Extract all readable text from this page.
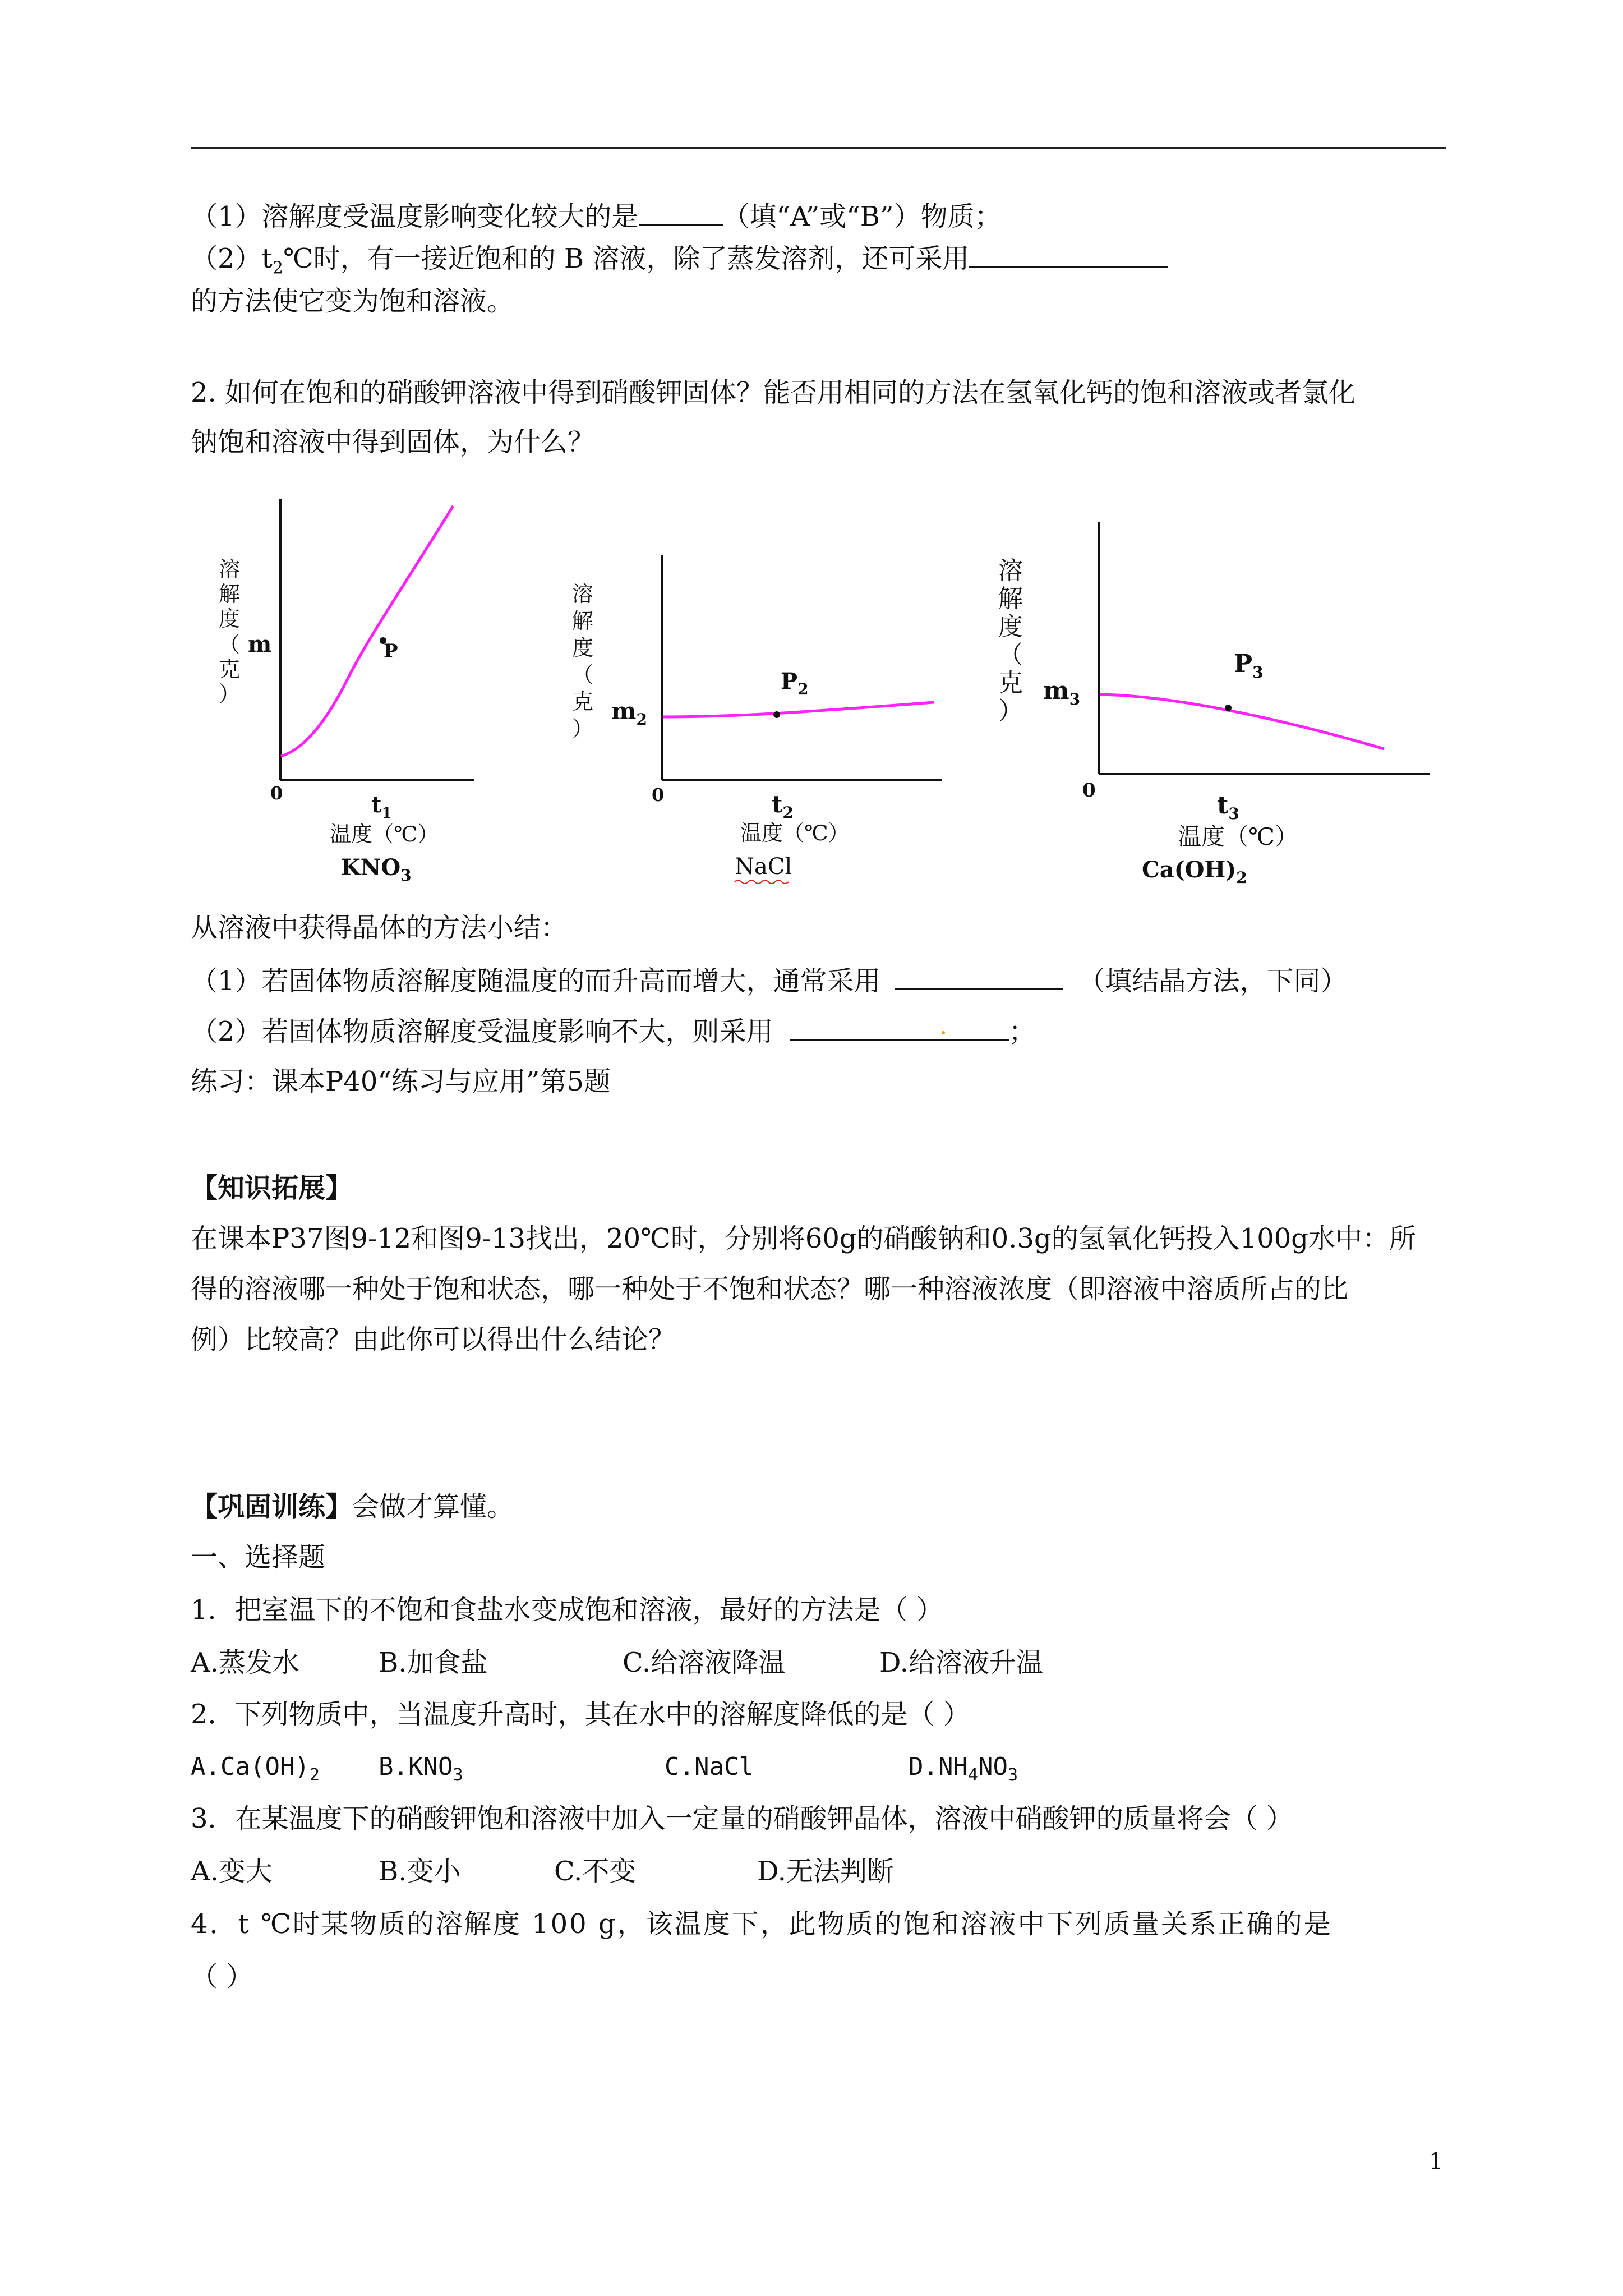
（1）溶解度受温度影响变化较大的是	（填“A”或“B”）物质；
$(2)t_2℃$时，有一接近饱和的 B 溶液，除了蒸发溶剂，还可采用
的方法使它变为饱和溶液。
2. 如何在饱和的硝酸钾溶液中得到硝酸钾固体？能否用相同的方法在氢氧化钙的饱和溶液或者氯化
钠饱和溶液中得到固体，为什么？
溶
解
度
（
克
）
m	P
0	$t_1$
温度（℃）
$KNO_3$
溶
解
度
（
克
）
$m_2$
$P_2$
0	$t_2$
温度（℃）
NaCl
溶
解
度
（
克
）
$m_3$
$P_3$
0
$t_3$
温度（℃）
$Ca(OH)_2$
从溶液中获得晶体的方法小结：
（1）若固体物质溶解度随温度的而升高而增大，通常采用	（填结晶方法，下同）
（2）若固体物质溶解度受温度影响不大，则采用	；
练习：课本P40“练习与应用”第5题
【知识拓展】
在课本P37图9-12和图9-13找出，20℃时，分别将60g的硝酸钠和0.3g的氢氧化钙投入100g水中：所
得的溶液哪一种处于饱和状态，哪一种处于不饱和状态？哪一种溶液浓度（即溶液中溶质所占的比
例）比较高？由此你可以得出什么结论？
【巩固训练】会做才算懂。
一、选择题
1．把室温下的不饱和食盐水变成饱和溶液，最好的方法是（ ）
A.蒸发水	B.加食盐	C.给溶液降温	D.给溶液升温
2．下列物质中，当温度升高时，其在水中的溶解度降低的是（ ）
$A.Ca(OH)_2$ $B.KNO_3$	C.NaCl	$D.NH_4NO_3$
3．在某温度下的硝酸钾饱和溶液中加入一定量的硝酸钾晶体，溶液中硝酸钾的质量将会（ ）
A.变大	B.变小	C.不变	D.无法判断
4．t ℃时某物质的溶解度 100 g，该温度下，此物质的饱和溶液中下列质量关系正确的是
（ ）
1
